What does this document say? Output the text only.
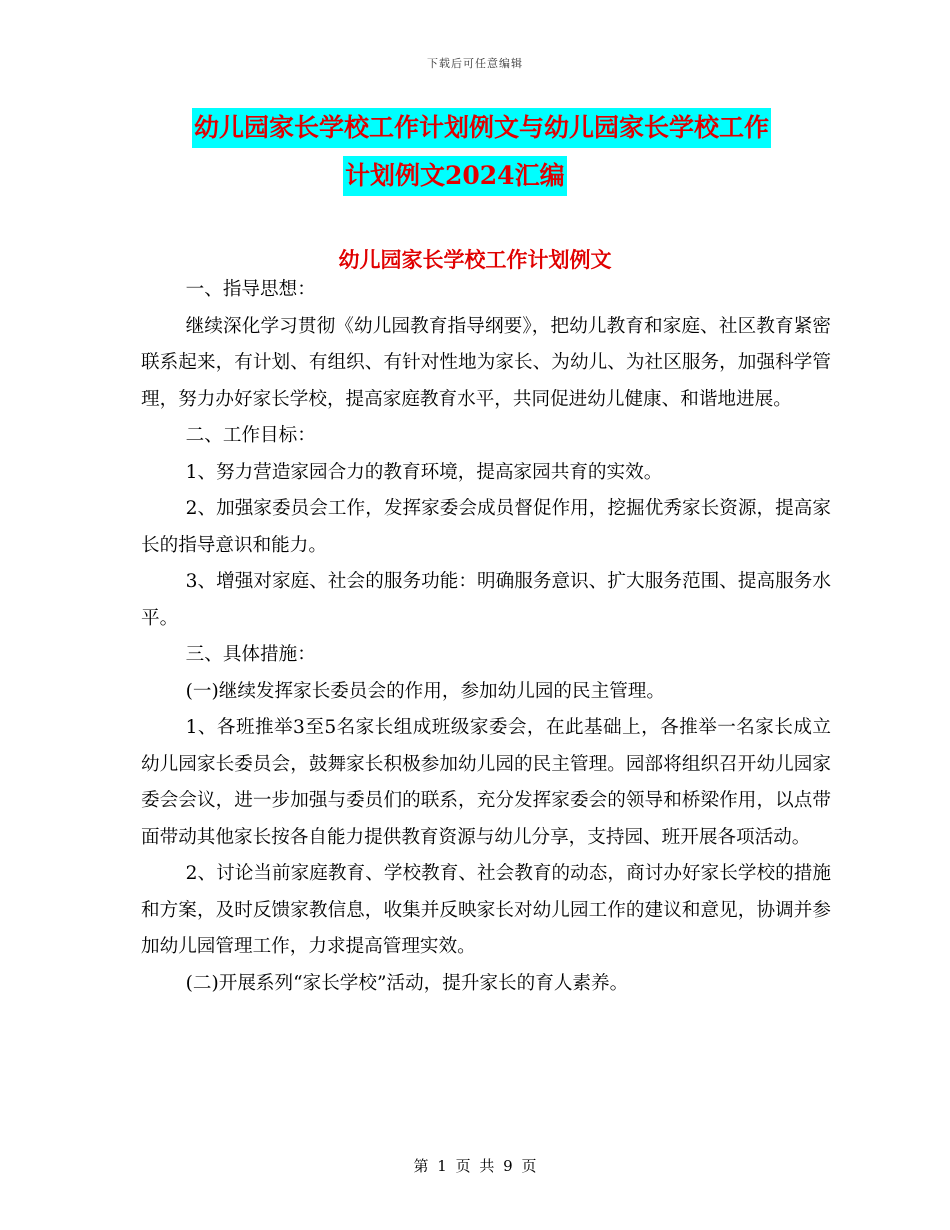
下载后可任意编辑
幼儿园家长学校工作计划例文与幼儿园家长学校工作
计划例文2024汇编
幼儿园家长学校工作计划例文

一、指导思想：

继续深化学习贯彻《幼儿园教育指导纲要》，把幼儿教育和家庭、社区教育紧密联系起来，有计划、有组织、有针对性地为家长、为幼儿、为社区服务，加强科学管理，努力办好家长学校，提高家庭教育水平，共同促进幼儿健康、和谐地进展。

二、工作目标：

1、努力营造家园合力的教育环境，提高家园共育的实效。

2、加强家委员会工作，发挥家委会成员督促作用，挖掘优秀家长资源，提高家长的指导意识和能力。

3、增强对家庭、社会的服务功能：明确服务意识、扩大服务范围、提高服务水平。

三、具体措施：

(一)继续发挥家长委员会的作用，参加幼儿园的民主管理。

1、各班推举3至5名家长组成班级家委会，在此基础上，各推举一名家长成立幼儿园家长委员会，鼓舞家长积极参加幼儿园的民主管理。园部将组织召开幼儿园家委会会议，进一步加强与委员们的联系，充分发挥家委会的领导和桥梁作用，以点带面带动其他家长按各自能力提供教育资源与幼儿分享，支持园、班开展各项活动。

2、讨论当前家庭教育、学校教育、社会教育的动态，商讨办好家长学校的措施和方案，及时反馈家教信息，收集并反映家长对幼儿园工作的建议和意见，协调并参加幼儿园管理工作，力求提高管理实效。

(二)开展系列“家长学校”活动，提升家长的育人素养。

第 1 页 共 9 页
